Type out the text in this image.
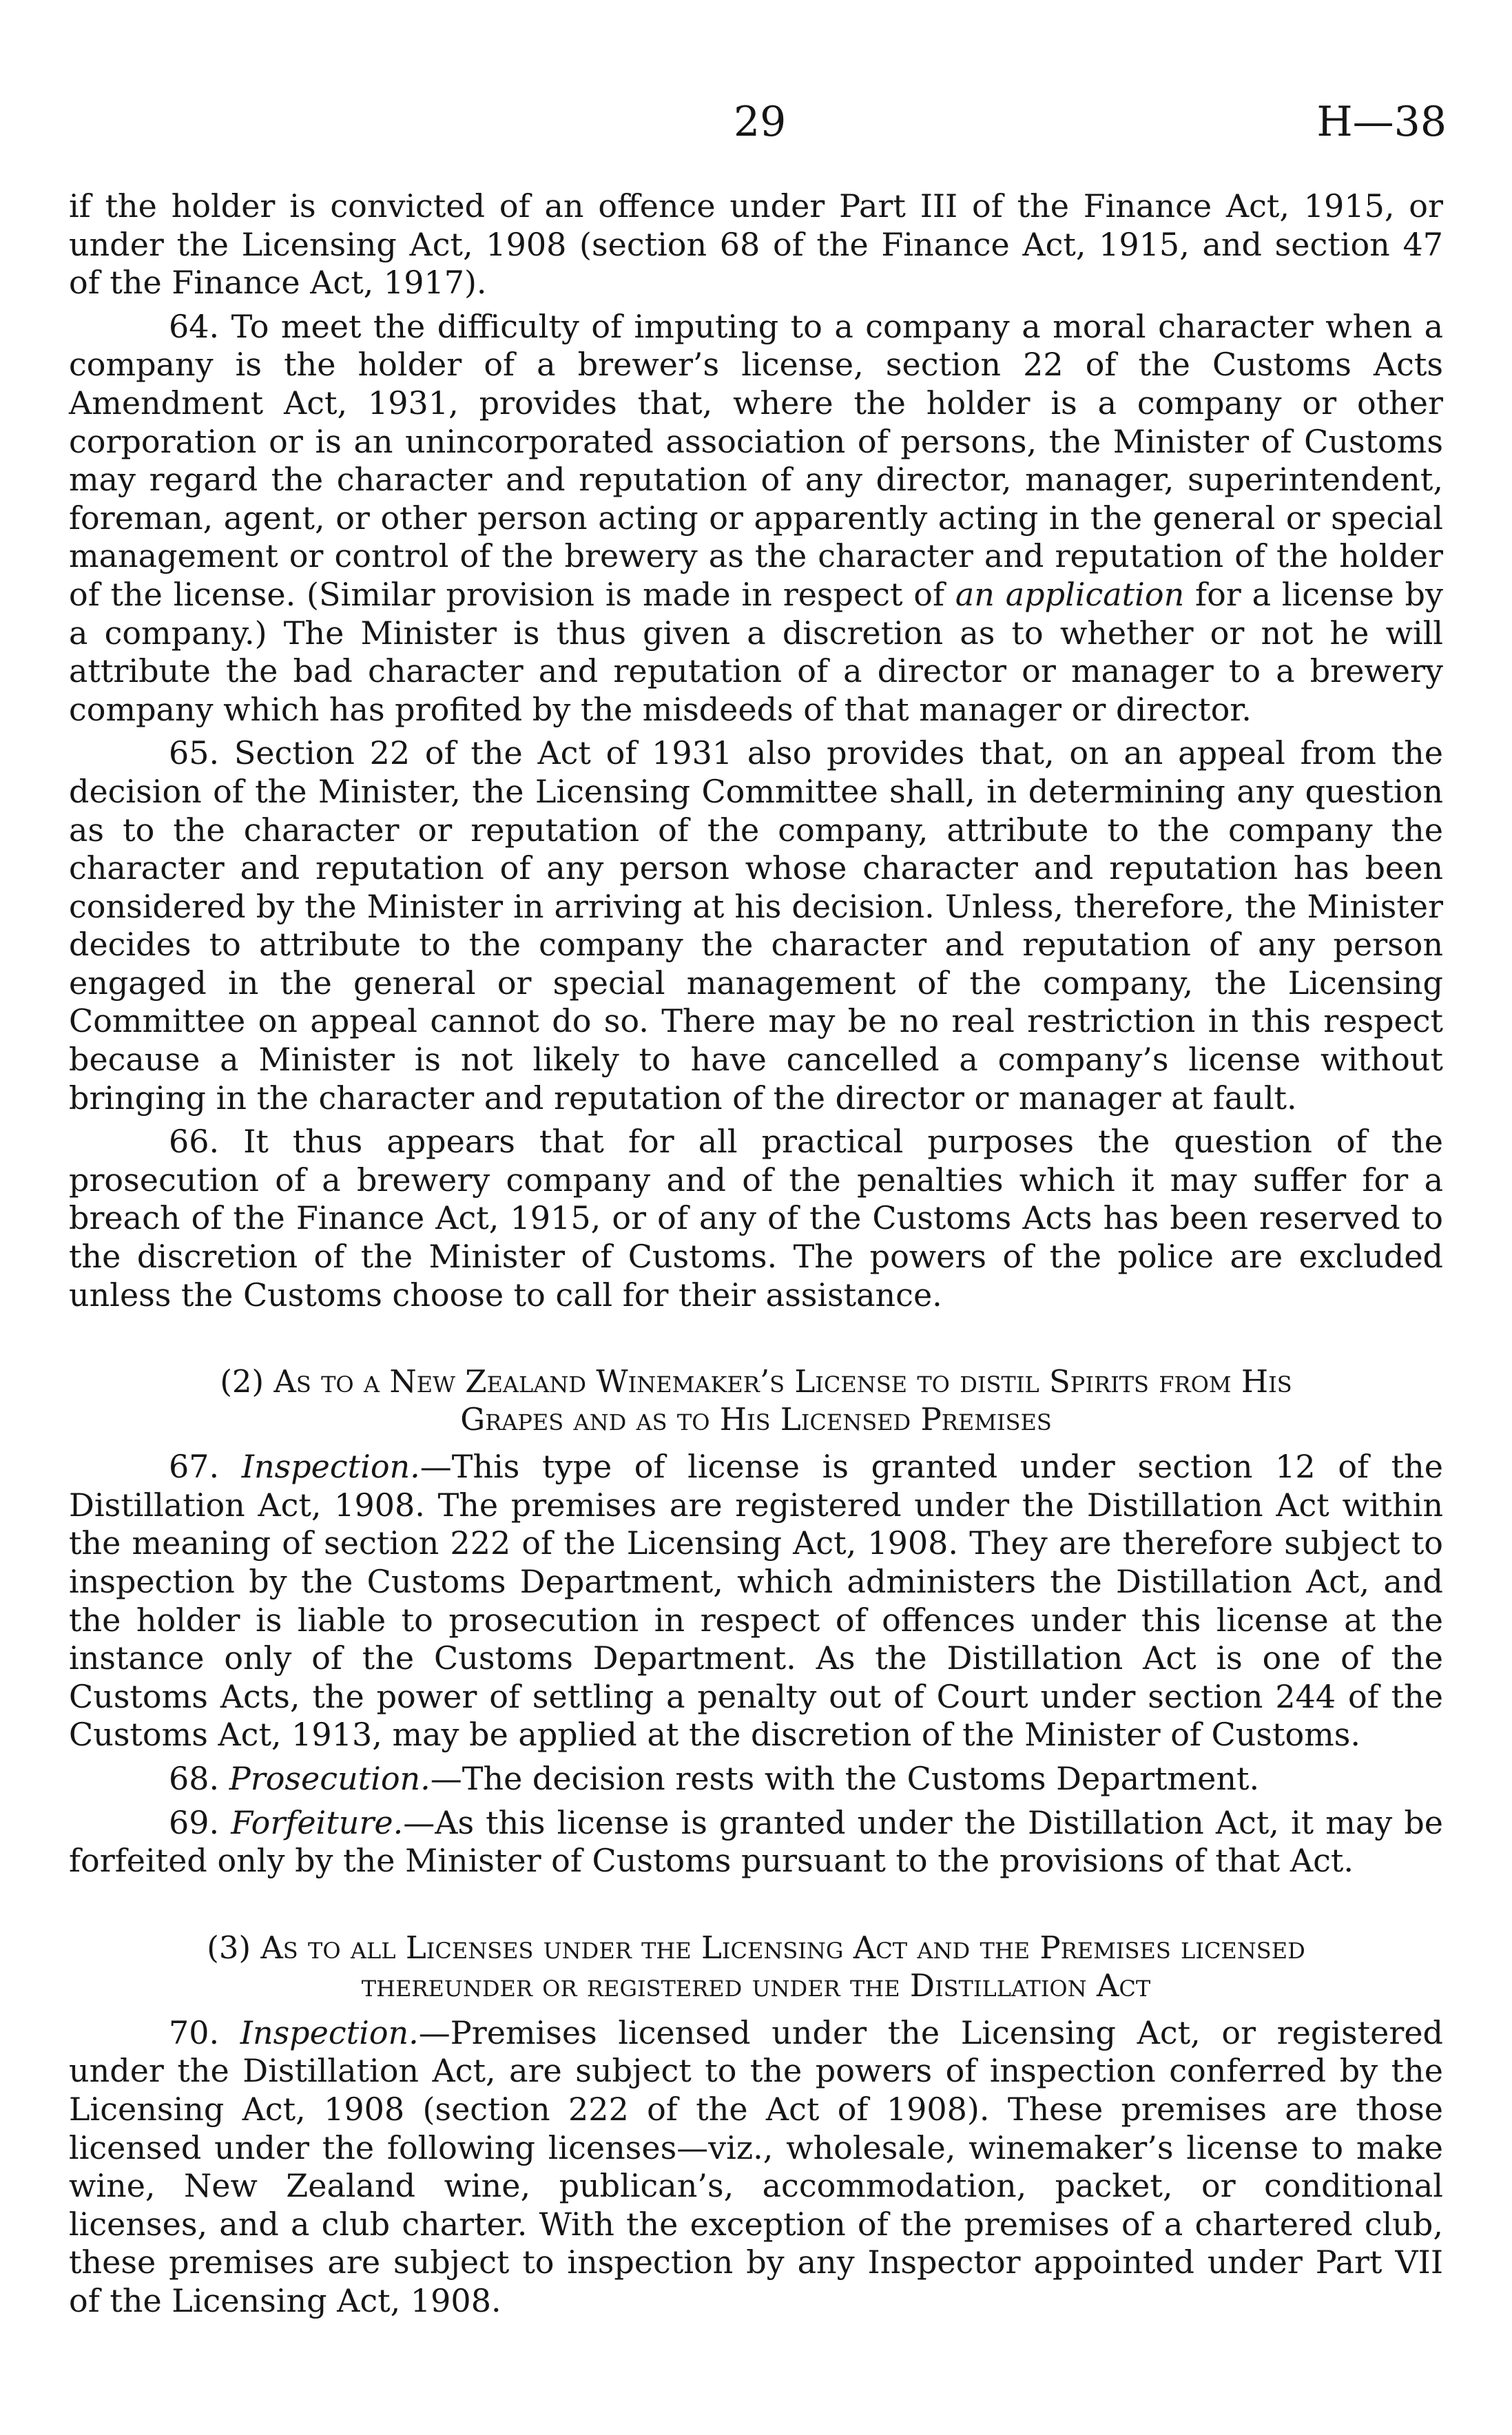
29	H—38

if the holder is convicted of an offence under Part III of the Finance Act, 1915, or under the Licensing Act, 1908 (section 68 of the Finance Act, 1915, and section 47 of the Finance Act, 1917).

64. To meet the difficulty of imputing to a company a moral character when a company is the holder of a brewer’s license, section 22 of the Customs Acts Amendment Act, 1931, provides that, where the holder is a company or other corporation or is an unincorporated association of persons, the Minister of Customs may regard the character and reputation of any director, manager, superintendent, foreman, agent, or other person acting or apparently acting in the general or special management or control of the brewery as the character and reputation of the holder of the license. (Similar provision is made in respect of an application for a license by a company.) The Minister is thus given a discretion as to whether or not he will attribute the bad character and reputation of a director or manager to a brewery company which has profited by the misdeeds of that manager or director.

65. Section 22 of the Act of 1931 also provides that, on an appeal from the decision of the Minister, the Licensing Committee shall, in determining any question as to the character or reputation of the company, attribute to the company the character and reputation of any person whose character and reputation has been considered by the Minister in arriving at his decision. Unless, therefore, the Minister decides to attribute to the company the character and reputation of any person engaged in the general or special management of the company, the Licensing Committee on appeal cannot do so. There may be no real restriction in this respect because a Minister is not likely to have cancelled a company’s license without bringing in the character and reputation of the director or manager at fault.

66. It thus appears that for all practical purposes the question of the prosecution of a brewery company and of the penalties which it may suffer for a breach of the Finance Act, 1915, or of any of the Customs Acts has been reserved to the discretion of the Minister of Customs. The powers of the police are excluded unless the Customs choose to call for their assistance.

(2) As to a New Zealand Winemaker’s License to distil Spirits from His
Grapes and as to His Licensed Premises

67. Inspection.—This type of license is granted under section 12 of the Distillation Act, 1908. The premises are registered under the Distillation Act within the meaning of section 222 of the Licensing Act, 1908. They are therefore subject to inspection by the Customs Department, which administers the Distillation Act, and the holder is liable to prosecution in respect of offences under this license at the instance only of the Customs Department. As the Distillation Act is one of the Customs Acts, the power of settling a penalty out of Court under section 244 of the Customs Act, 1913, may be applied at the discretion of the Minister of Customs.

68. Prosecution.—The decision rests with the Customs Department.

69. Forfeiture.—As this license is granted under the Distillation Act, it may be forfeited only by the Minister of Customs pursuant to the provisions of that Act.

(3) As to all Licenses under the Licensing Act and the Premises licensed
thereunder or registered under the Distillation Act

70. Inspection.—Premises licensed under the Licensing Act, or registered under the Distillation Act, are subject to the powers of inspection conferred by the Licensing Act, 1908 (section 222 of the Act of 1908). These premises are those licensed under the following licenses—viz., wholesale, winemaker’s license to make wine, New Zealand wine, publican’s, accommodation, packet, or conditional licenses, and a club charter. With the exception of the premises of a chartered club, these premises are subject to inspection by any Inspector appointed under Part VII of the Licensing Act, 1908.
